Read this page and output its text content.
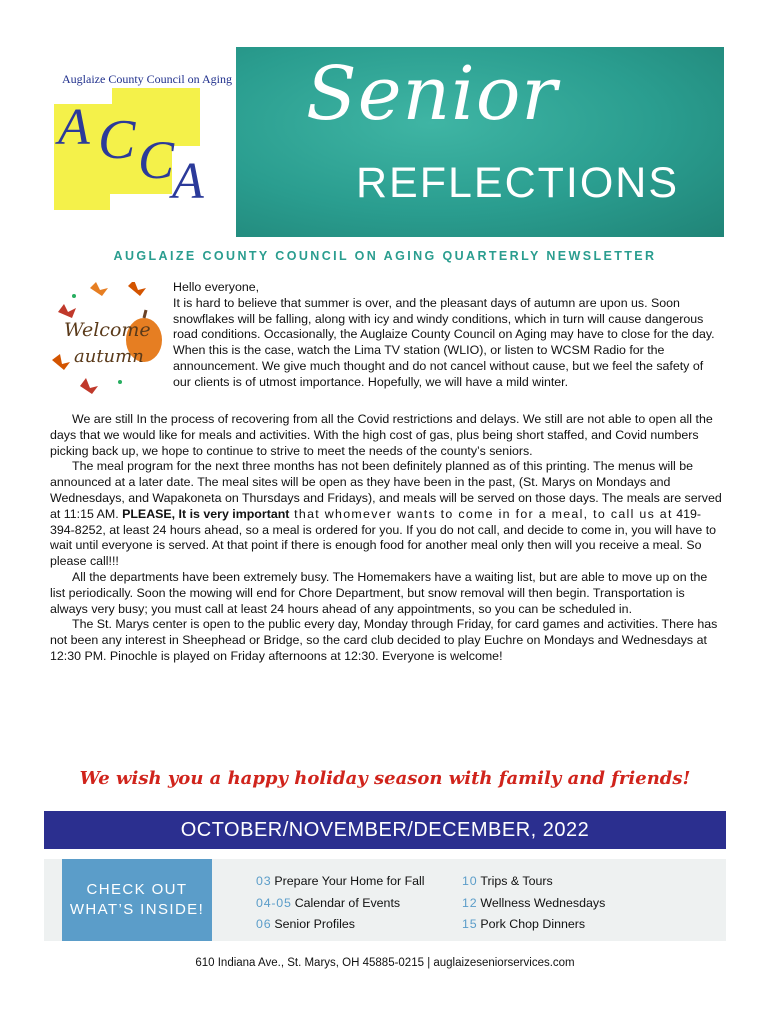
Auglaize County Council on Aging
A C C
A
Senior
REFLECTIONS
AUGLAIZE COUNTY COUNCIL ON AGING QUARTERLY NEWSLETTER
Welcome
autumn

Hello everyone,

It is hard to believe that summer is over, and the pleasant days of autumn are upon us. Soon snowflakes will be falling, along with icy and windy conditions, which in turn will cause dangerous road conditions. Occasionally, the Auglaize County Council on Aging may have to close for the day. When this is the case, watch the Lima TV station (WLIO), or listen to WCSM Radio for the announcement. We give much thought and do not cancel without cause, but we feel the safety of our clients is of utmost importance. Hopefully, we will have a mild winter.

We are still In the process of recovering from all the Covid restrictions and delays. We still are not able to open all the days that we would like for meals and activities. With the high cost of gas, plus being short staffed, and Covid numbers picking back up, we hope to continue to strive to meet the needs of the county’s seniors.

The meal program for the next three months has not been definitely planned as of this printing. The menus will be announced at a later date. The meal sites will be open as they have been in the past, (St. Marys on Mondays and Wednesdays, and Wapakoneta on Thursdays and Fridays), and meals will be served on those days. The meals are served at 11:15 AM. PLEASE, It is very important that whomever wants to come in for a meal, to call us at 419-394-8252, at least 24 hours ahead, so a meal is ordered for you. If you do not call, and decide to come in, you will have to wait until everyone is served. At that point if there is enough food for another meal only then will you receive a meal. So please call!!!

All the departments have been extremely busy. The Homemakers have a waiting list, but are able to move up on the list periodically. Soon the mowing will end for Chore Department, but snow removal will then begin. Transportation is always very busy; you must call at least 24 hours ahead of any appointments, so you can be scheduled in.

The St. Marys center is open to the public every day, Monday through Friday, for card games and activities. There has not been any interest in Sheephead or Bridge, so the card club decided to play Euchre on Mondays and Wednesdays at 12:30 PM. Pinochle is played on Friday afternoons at 12:30. Everyone is welcome!

We wish you a happy holiday season with family and friends!
OCTOBER/NOVEMBER/DECEMBER, 2022
CHECK OUT
WHAT’S INSIDE!
03 Prepare Your Home for Fall
04-05 Calendar of Events
06 Senior Profiles
10 Trips & Tours
12 Wellness Wednesdays
15 Pork Chop Dinners
610 Indiana Ave., St. Marys, OH 45885-0215 | auglaizeseniorservices.com
